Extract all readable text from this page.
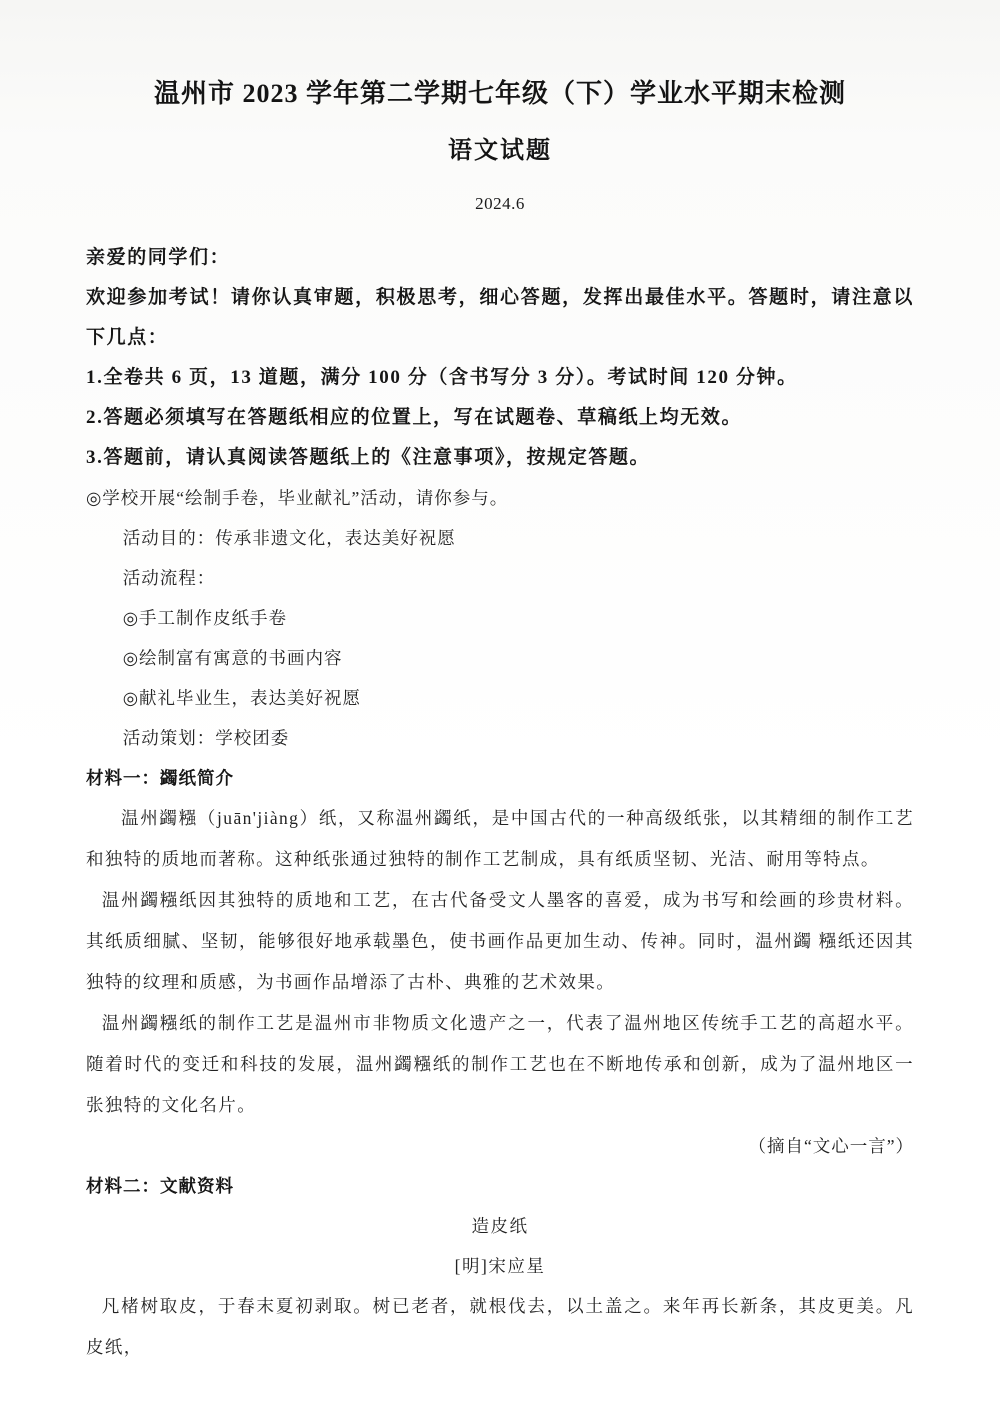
温州市 2023 学年第二学期七年级（下）学业水平期末检测
语文试题

2024.6

亲爱的同学们：

欢迎参加考试！请你认真审题，积极思考，细心答题，发挥出最佳水平。答题时，请注意以下几点：

1.全卷共 6 页，13 道题，满分 100 分（含书写分 3 分）。考试时间 120 分钟。

2.答题必须填写在答题纸相应的位置上，写在试题卷、草稿纸上均无效。

3.答题前，请认真阅读答题纸上的《注意事项》，按规定答题。

◎学校开展“绘制手卷，毕业献礼”活动，请你参与。

活动目的：传承非遗文化，表达美好祝愿

活动流程：

◎手工制作皮纸手卷

◎绘制富有寓意的书画内容

◎献礼毕业生，表达美好祝愿

活动策划：学校团委

材料一：蠲纸简介

温州蠲糨（juān'jiàng）纸，又称温州蠲纸，是中国古代的一种高级纸张，以其精细的制作工艺和独特的质地而著称。这种纸张通过独特的制作工艺制成，具有纸质坚韧、光洁、耐用等特点。

温州蠲糨纸因其独特的质地和工艺，在古代备受文人墨客的喜爱，成为书写和绘画的珍贵材料。其纸质细腻、坚韧，能够很好地承载墨色，使书画作品更加生动、传神。同时，温州蠲 糨纸还因其独特的纹理和质感，为书画作品增添了古朴、典雅的艺术效果。

温州蠲糨纸的制作工艺是温州市非物质文化遗产之一，代表了温州地区传统手工艺的高超水平。随着时代的变迁和科技的发展，温州蠲糨纸的制作工艺也在不断地传承和创新，成为了温州地区一张独特的文化名片。

（摘自“文心一言”）

材料二：文献资料

造皮纸

[明]宋应星

凡楮树取皮，于春末夏初剥取。树已老者，就根伐去，以土盖之。来年再长新条，其皮更美。凡皮纸，
